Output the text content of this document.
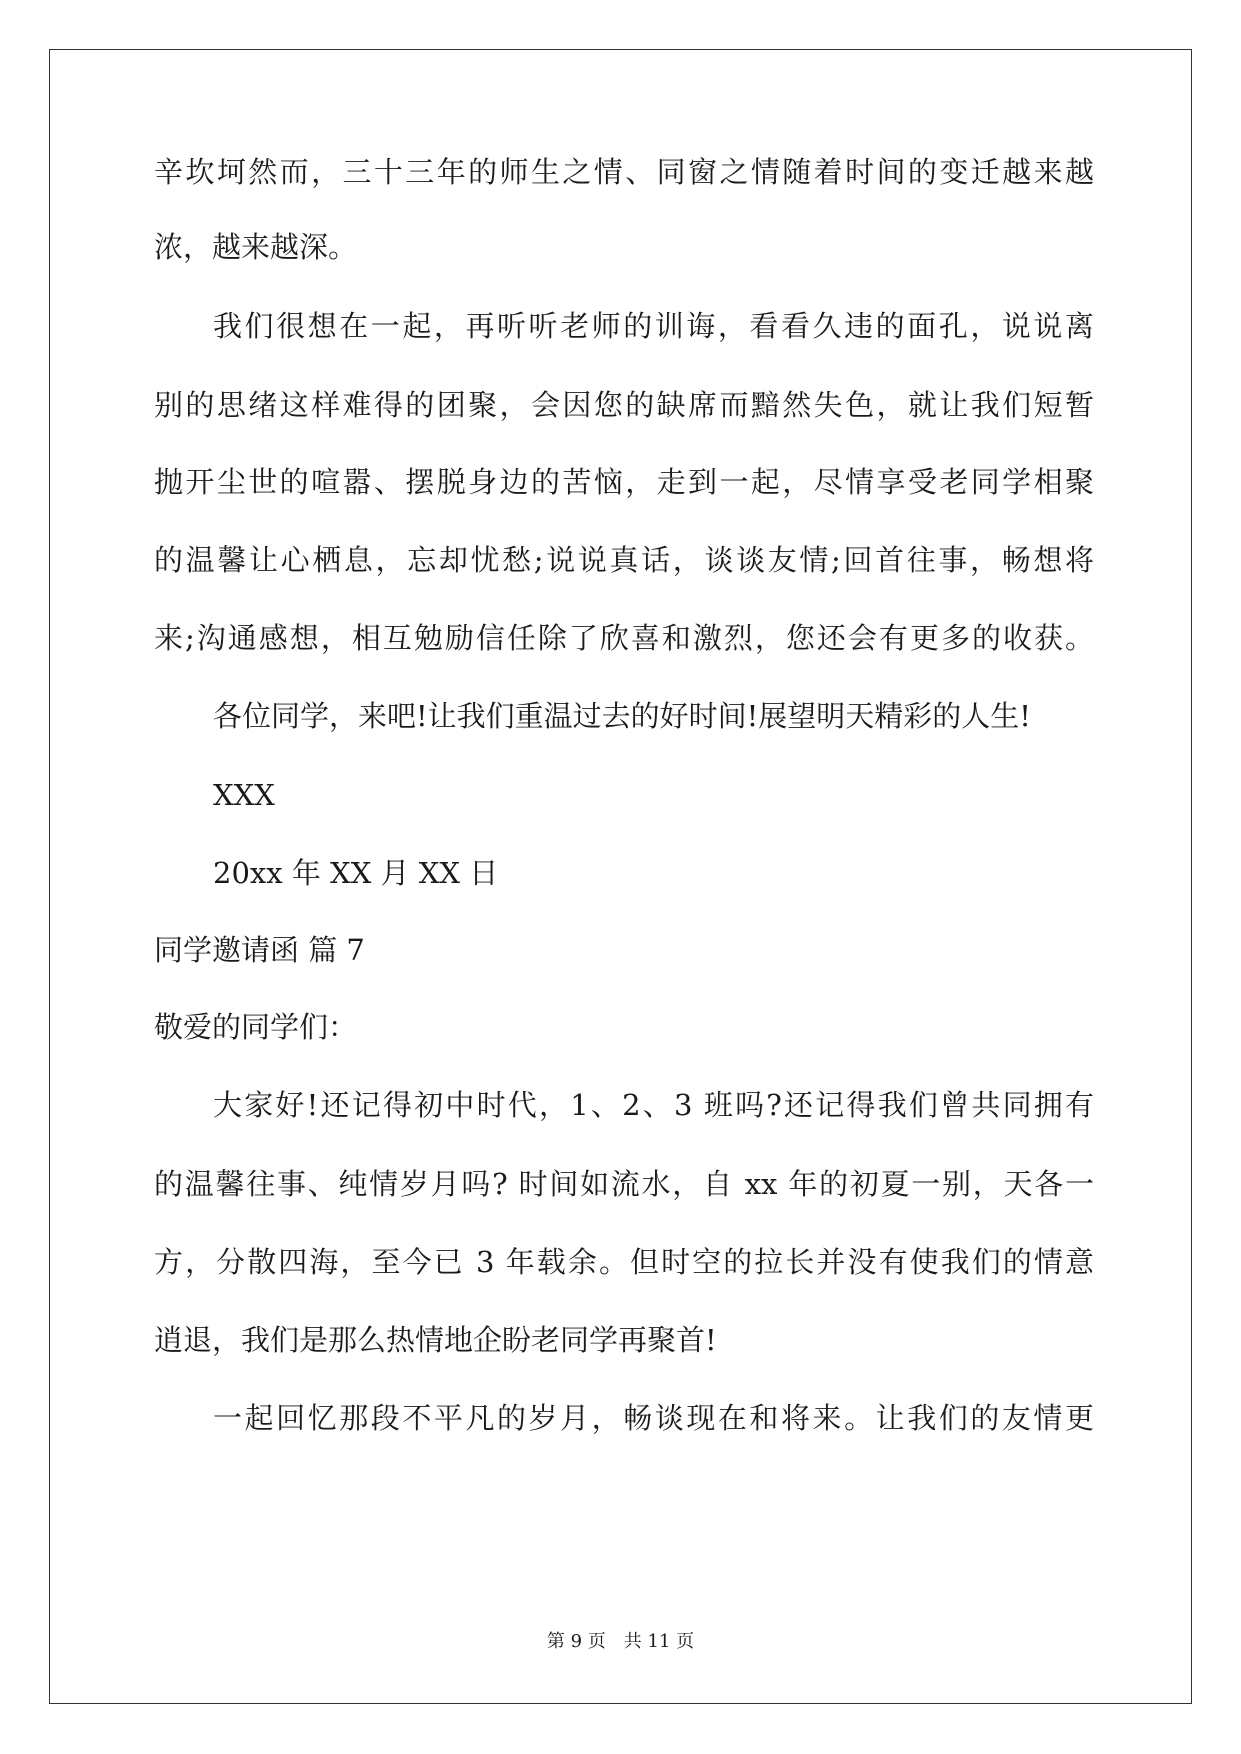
辛坎坷然而，三十三年的师生之情、同窗之情随着时间的变迁越来越
浓，越来越深。
我们很想在一起，再听听老师的训诲，看看久违的面孔，说说离
别的思绪这样难得的团聚，会因您的缺席而黯然失色，就让我们短暂
抛开尘世的喧嚣、摆脱身边的苦恼，走到一起，尽情享受老同学相聚
的温馨让心栖息，忘却忧愁;说说真话，谈谈友情;回首往事，畅想将
来;沟通感想，相互勉励信任除了欣喜和激烈，您还会有更多的收获。
各位同学，来吧!让我们重温过去的好时间!展望明天精彩的人生!
XXX
20xx 年 XX 月 XX 日
同学邀请函 篇 7
敬爱的同学们：
大家好!还记得初中时代，1、2、3 班吗?还记得我们曾共同拥有
的温馨往事、纯情岁月吗? 时间如流水，自 xx 年的初夏一别，天各一
方，分散四海，至今已 3 年载余。但时空的拉长并没有使我们的情意
逍退，我们是那么热情地企盼老同学再聚首!
一起回忆那段不平凡的岁月，畅谈现在和将来。让我们的友情更
第 9 页　共 11 页
